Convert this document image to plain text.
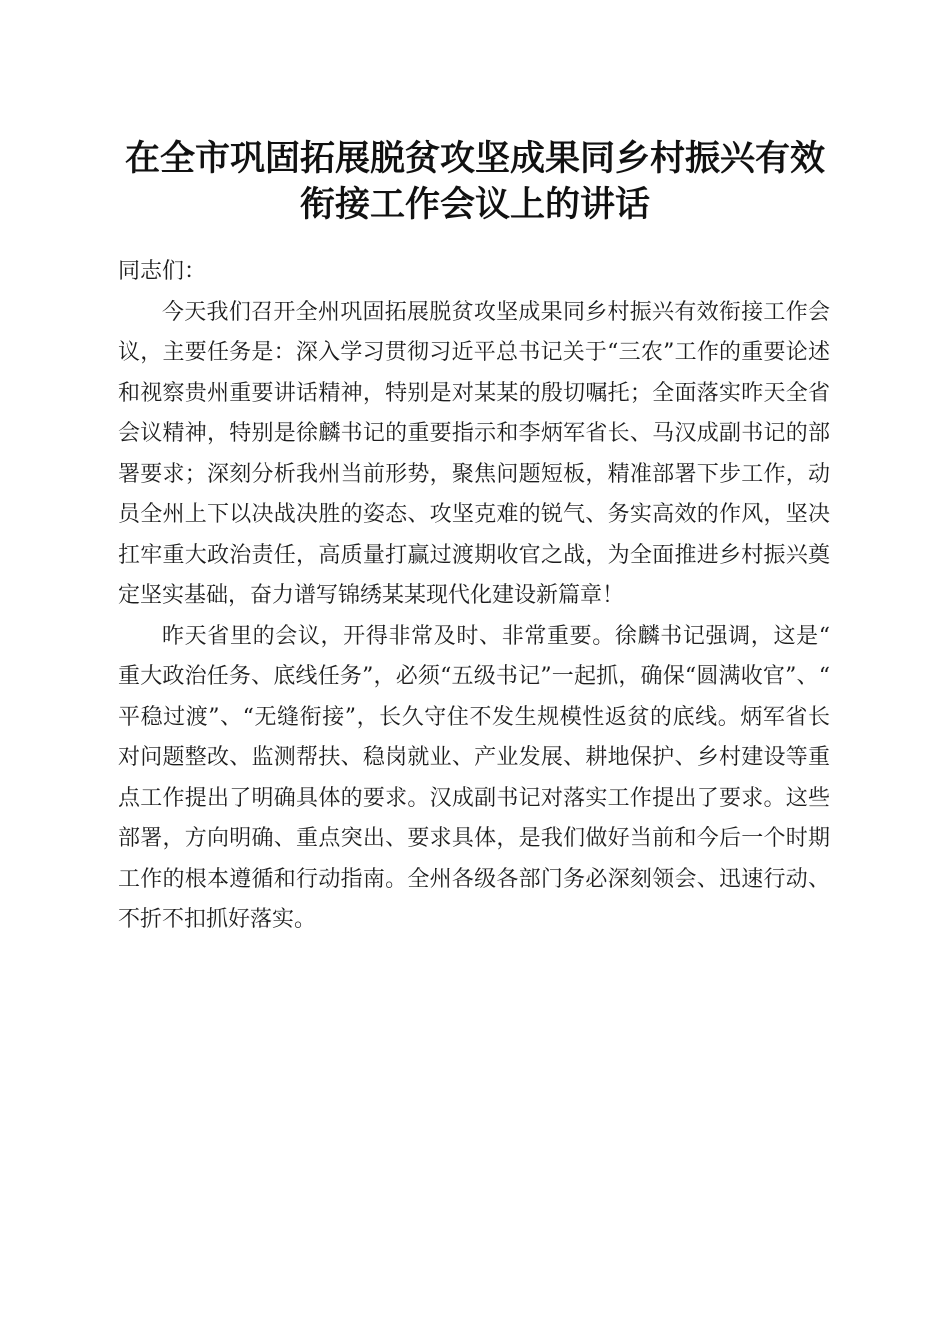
在全市巩固拓展脱贫攻坚成果同乡村振兴有效
衔接工作会议上的讲话

同志们：

今天我们召开全州巩固拓展脱贫攻坚成果同乡村振兴有效衔接工作会议，主要任务是：深入学习贯彻习近平总书记关于“三农”工作的重要论述和视察贵州重要讲话精神，特别是对某某的殷切嘱托；全面落实昨天全省会议精神，特别是徐麟书记的重要指示和李炳军省长、马汉成副书记的部署要求；深刻分析我州当前形势，聚焦问题短板，精准部署下步工作，动员全州上下以决战决胜的姿态、攻坚克难的锐气、务实高效的作风，坚决扛牢重大政治责任，高质量打赢过渡期收官之战，为全面推进乡村振兴奠定坚实基础，奋力谱写锦绣某某现代化建设新篇章！

昨天省里的会议，开得非常及时、非常重要。徐麟书记强调，这是“重大政治任务、底线任务”，必须“五级书记”一起抓，确保“圆满收官”、“平稳过渡”、“无缝衔接”，长久守住不发生规模性返贫的底线。炳军省长对问题整改、监测帮扶、稳岗就业、产业发展、耕地保护、乡村建设等重点工作提出了明确具体的要求。汉成副书记对落实工作提出了要求。这些部署，方向明确、重点突出、要求具体，是我们做好当前和今后一个时期工作的根本遵循和行动指南。全州各级各部门务必深刻领会、迅速行动、不折不扣抓好落实。
